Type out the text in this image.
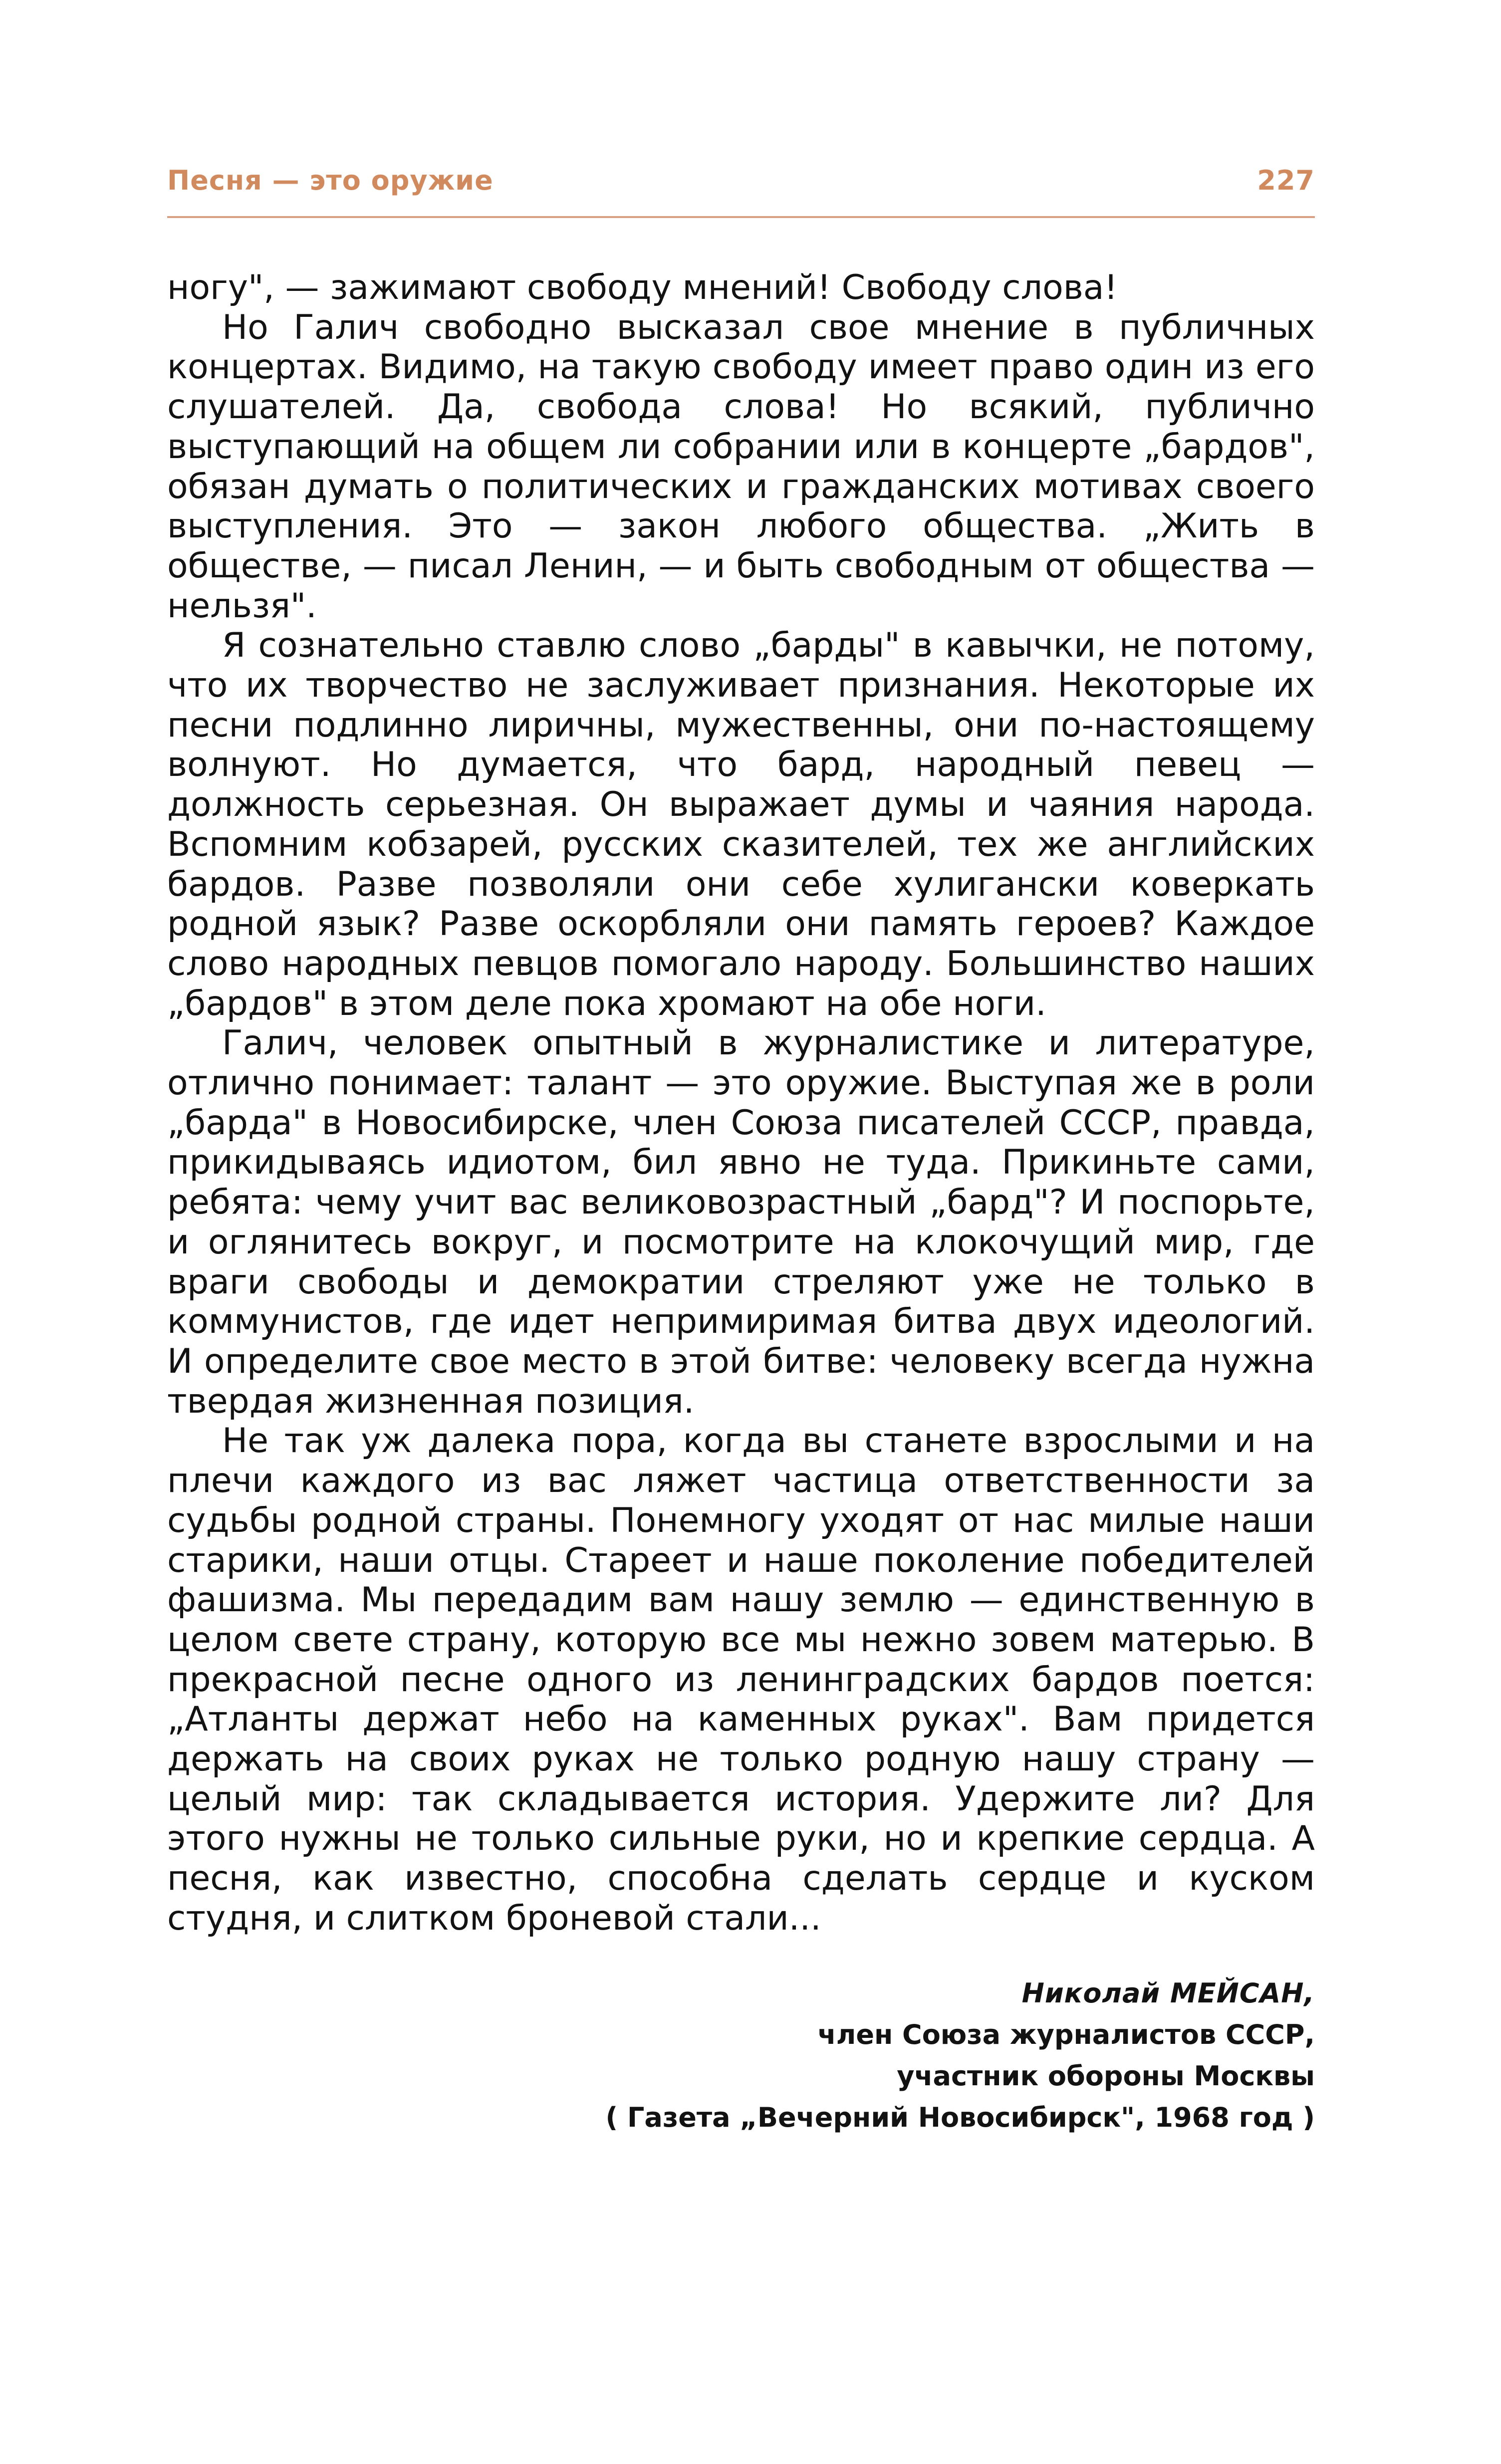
Песня — это оружие	227

ногу", — зажимают свободу мнений! Свободу слова!

Но Галич свободно высказал свое мнение в публичных концертах. Видимо, на такую свободу имеет право один из его слушателей. Да, свобода слова! Но всякий, публично выступающий на общем ли собрании или в концерте „бардов", обязан думать о политических и гражданских мотивах своего выступления. Это — закон любого общества. „Жить в обществе, — писал Ленин, — и быть свободным от общества — нельзя".

Я сознательно ставлю слово „барды" в кавычки, не потому, что их творчество не заслуживает признания. Некоторые их песни подлинно лиричны, мужественны, они по-настоящему волнуют. Но думается, что бард, народный певец — должность серьезная. Он выражает думы и чаяния народа. Вспомним кобзарей, русских сказителей, тех же английских бардов. Разве позволяли они себе хулигански коверкать родной язык? Разве оскорбляли они память героев? Каждое слово народных певцов помогало народу. Большинство наших „бардов" в этом деле пока хромают на обе ноги.

Галич, человек опытный в журналистике и литературе, отлично понимает: талант — это оружие. Выступая же в роли „барда" в Новосибирске, член Союза писателей СССР, правда, прикидываясь идиотом, бил явно не туда. Прикиньте сами, ребята: чему учит вас великовозрастный „бард"? И поспорьте, и оглянитесь вокруг, и посмотрите на клокочущий мир, где враги свободы и демократии стреляют уже не только в коммунистов, где идет непримиримая битва двух идеологий. И определите свое место в этой битве: человеку всегда нужна твердая жизненная позиция.

Не так уж далека пора, когда вы станете взрослыми и на плечи каждого из вас ляжет частица ответственности за судьбы родной страны. Понемногу уходят от нас милые наши старики, наши отцы. Стареет и наше поколение победителей фашизма. Мы передадим вам нашу землю — единственную в целом свете страну, которую все мы нежно зовем матерью. В прекрасной песне одного из ленинградских бардов поется: „Атланты держат небо на каменных руках". Вам придется держать на своих руках не только родную нашу страну — целый мир: так складывается история. Удержите ли? Для этого нужны не только сильные руки, но и крепкие сердца. А песня, как известно, способна сделать сердце и куском студня, и слитком броневой стали...

Николай МЕЙСАН,
член Союза журналистов СССР,
участник обороны Москвы
( Газета „Вечерний Новосибирск", 1968 год )
